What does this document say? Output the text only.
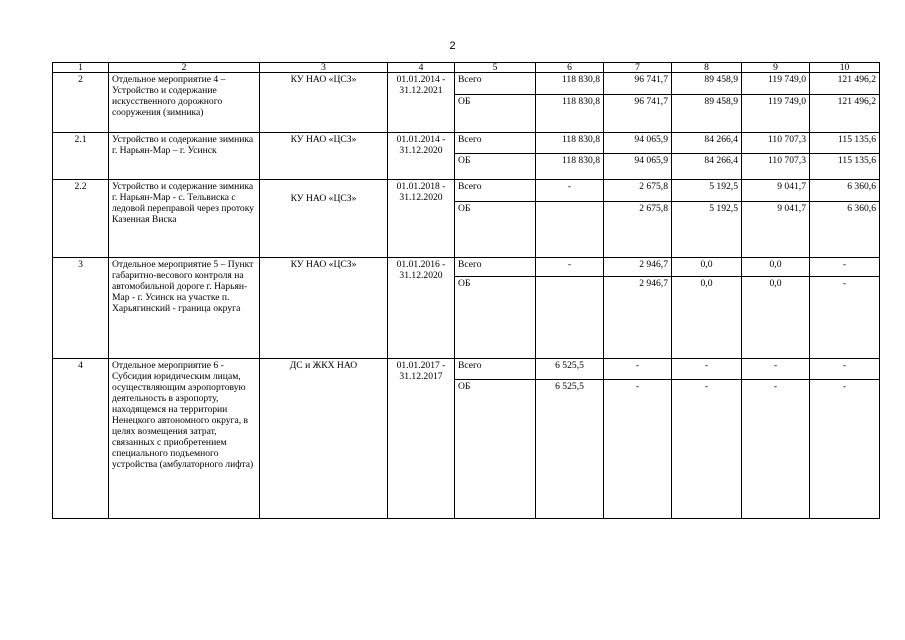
2
1	2	3	4	5	6	7	8	9	10
2	Отдельное мероприятие 4 – Устройство и содержание искусственного дорожного сооружения (зимника)	КУ НАО «ЦСЗ»	01.01.2014 - 31.12.2021	Всего	118 830,8	96 741,7	89 458,9	119 749,0	121 496,2
				ОБ	118 830,8	96 741,7	89 458,9	119 749,0	121 496,2
2.1	Устройство и содержание зимника г. Нарьян-Мар – г. Усинск	КУ НАО «ЦСЗ»	01.01.2014 - 31.12.2020	Всего	118 830,8	94 065,9	84 266,4	110 707,3	115 135,6
				ОБ	118 830,8	94 065,9	84 266,4	110 707,3	115 135,6
2.2	Устройство и содержание зимника г. Нарьян-Мар - с. Тельвиска с ледовой переправой через протоку Казенная Виска	КУ НАО «ЦСЗ»	01.01.2018 - 31.12.2020	Всего	-	2 675,8	5 192,5	9 041,7	6 360,6
				ОБ		2 675,8	5 192,5	9 041,7	6 360,6
3	Отдельное мероприятие 5 – Пункт габаритно-весового контроля на автомобильной дороге г. Нарьян-Мар - г. Усинск на участке п. Харьягинский - граница округа	КУ НАО «ЦСЗ»	01.01.2016 - 31.12.2020	Всего	-	2 946,7	0,0	0,0	-
				ОБ		2 946,7	0,0	0,0	-
4	Отдельное мероприятие 6 - Субсидия юридическим лицам, осуществляющим аэропортовую деятельность в аэропорту, находящемся на территории Ненецкого автономного округа, в целях возмещения затрат, связанных с приобретением специального подъемного устройства (амбулаторного лифта)	ДС и ЖКХ НАО	01.01.2017 - 31.12.2017	Всего	6 525,5	-	-	-	-
				ОБ	6 525,5	-	-	-	-
